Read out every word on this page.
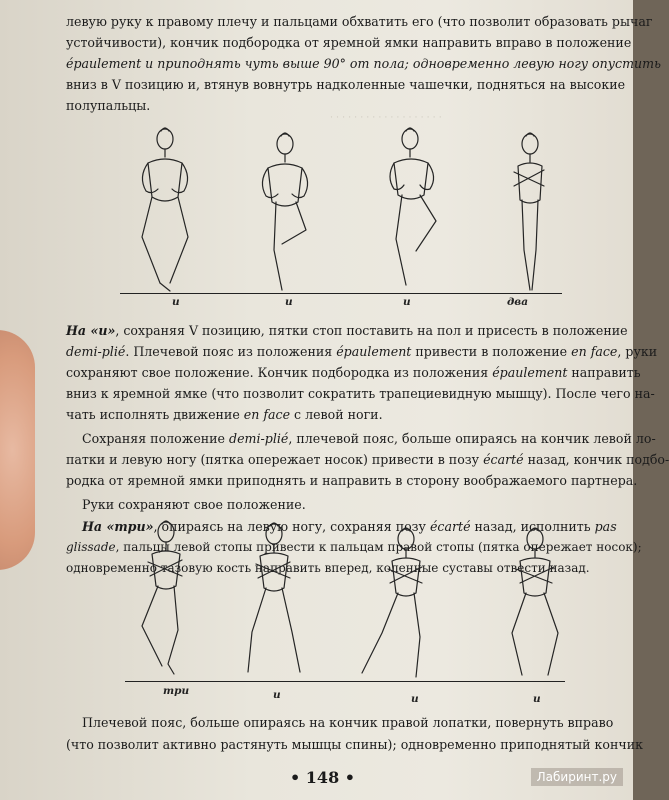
· · · · · · · · · · · · · · · · · · ·
левую руку к правому плечу и пальцами обхватить его (что позволит образовать рычаг
устойчивости), кончик подбородка от яремной ямки направить вправо в положение
épaulement и приподнять чуть выше 90° от пола; одновременно левую ногу опустить
вниз в V позицию и, втянув вовнутрь надколенные чашечки, подняться на высокие
полупальцы.
и	и	и	два
На «и», сохраняя V позицию, пятки стоп поставить на пол и присесть в положение
demi-plié. Плечевой пояс из положения épaulement привести в положение en face, руки
сохраняют свое положение. Кончик подбородка из положения épaulement направить
вниз к яремной ямке (что позволит сократить трапециевидную мышцу). После чего на-
чать исполнять движение en face с левой ноги.
Сохраняя положение demi-plié, плечевой пояс, больше опираясь на кончик левой ло-
патки и левую ногу (пятка опережает носок) привести в позу écarté назад, кончик подбо-
родка от яремной ямки приподнять и направить в сторону воображаемого партнера.
Руки сохраняют свое положение.
На «три», опираясь на левую ногу, сохраняя позу écarté назад, исполнить pas
glissade, пальцы левой стопы привести к пальцам правой стопы (пятка опережает носок);
одновременно тазовую кость направить вперед, коленные суставы отвести назад.
три	и	и	и
Плечевой пояс, больше опираясь на кончик правой лопатки, повернуть вправо
(что позволит активно растянуть мышцы спины); одновременно приподнятый кончик
• 148 •	Лабиринт.ру
